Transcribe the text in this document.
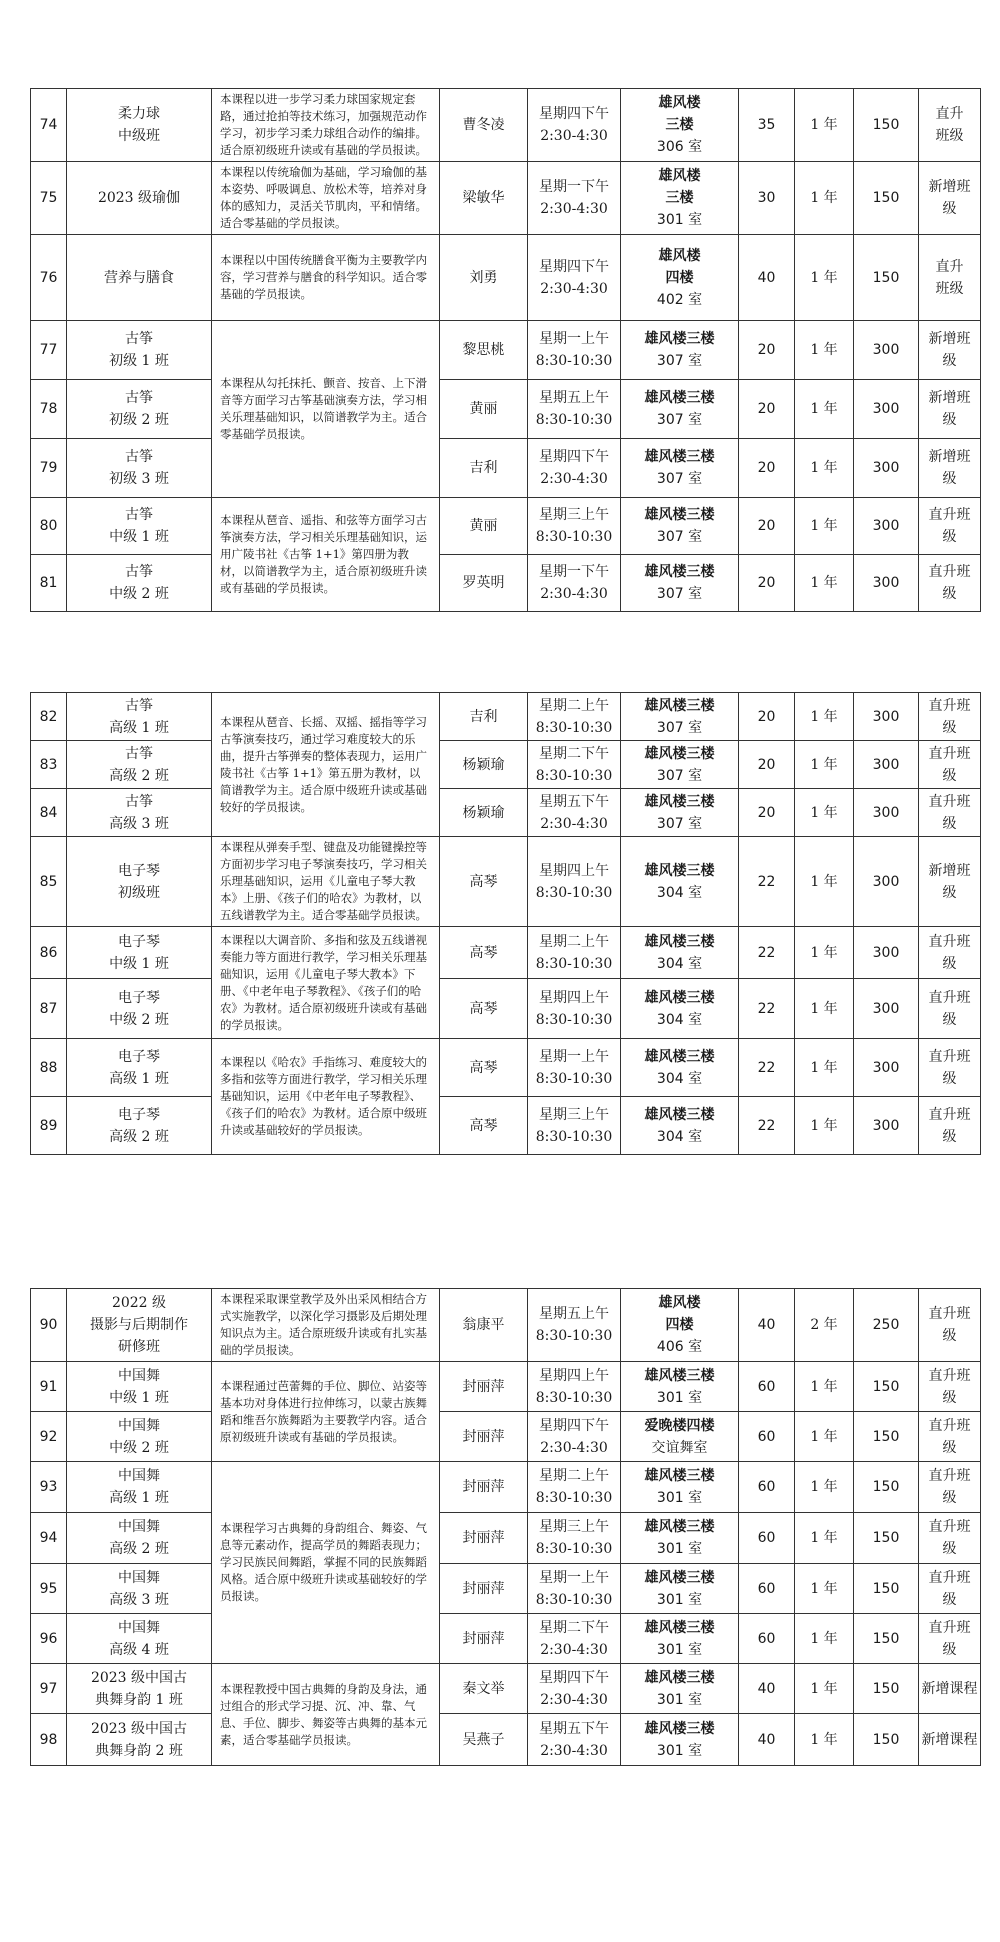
74	柔力球
中级班	本课程以进一步学习柔力球国家规定套路，通过抢拍等技术练习，加强规范动作学习，初步学习柔力球组合动作的编排。适合原初级班升读或有基础的学员报读。	曹冬凌	星期四下午
2:30-4:30	雄风楼
三楼
306 室	35	1 年	150	直升
班级

75	2023 级瑜伽	本课程以传统瑜伽为基础，学习瑜伽的基本姿势、呼吸调息、放松术等，培养对身体的感知力，灵活关节肌肉，平和情绪。适合零基础的学员报读。	梁敏华	星期一下午
2:30-4:30	雄风楼
三楼
301 室	30	1 年	150	新增班
级

76	营养与膳食	本课程以中国传统膳食平衡为主要教学内容，学习营养与膳食的科学知识。适合零基础的学员报读。	刘勇	星期四下午
2:30-4:30	雄风楼
四楼
402 室	40	1 年	150	直升
班级

77	古筝
初级 1 班	本课程从勾托抹托、颤音、按音、上下滑音等方面学习古筝基础演奏方法，学习相关乐理基础知识，以简谱教学为主。适合零基础学员报读。	黎思桃	星期一上午
8:30-10:30	雄风楼三楼
307 室	20	1 年	300	新增班
级

78	古筝
初级 2 班		黄丽	星期五上午
8:30-10:30	雄风楼三楼
307 室	20	1 年	300	新增班
级

79	古筝
初级 3 班		吉利	星期四下午
2:30-4:30	雄风楼三楼
307 室	20	1 年	300	新增班
级

80	古筝
中级 1 班	本课程从琶音、遥指、和弦等方面学习古筝演奏方法，学习相关乐理基础知识，运用广陵书社《古筝 1+1》第四册为教材，以简谱教学为主，适合原初级班升读或有基础的学员报读。	黄丽	星期三上午
8:30-10:30	雄风楼三楼
307 室	20	1 年	300	直升班
级

81	古筝
中级 2 班		罗英明	星期一下午
2:30-4:30	雄风楼三楼
307 室	20	1 年	300	直升班
级
82	古筝
高级 1 班	本课程从琶音、长摇、双摇、摇指等学习古筝演奏技巧，通过学习难度较大的乐曲，提升古筝弹奏的整体表现力，运用广陵书社《古筝 1+1》第五册为教材，以简谱教学为主。适合原中级班升读或基础较好的学员报读。	吉利	星期二上午
8:30-10:30	雄风楼三楼
307 室	20	1 年	300	直升班
级

83	古筝
高级 2 班		杨颖瑜	星期二下午
8:30-10:30	雄风楼三楼
307 室	20	1 年	300	直升班
级

84	古筝
高级 3 班		杨颖瑜	星期五下午
2:30-4:30	雄风楼三楼
307 室	20	1 年	300	直升班
级

85	电子琴
初级班	本课程从弹奏手型、键盘及功能键操控等方面初步学习电子琴演奏技巧，学习相关乐理基础知识，运用《儿童电子琴大教本》上册、《孩子们的哈农》为教材，以五线谱教学为主。适合零基础学员报读。	高琴	星期四上午
8:30-10:30	雄风楼三楼
304 室	22	1 年	300	新增班
级

86	电子琴
中级 1 班	本课程以大调音阶、多指和弦及五线谱视奏能力等方面进行教学，学习相关乐理基础知识，运用《儿童电子琴大教本》下册、《中老年电子琴教程》、《孩子们的哈农》为教材。适合原初级班升读或有基础的学员报读。	高琴	星期二上午
8:30-10:30	雄风楼三楼
304 室	22	1 年	300	直升班
级

87	电子琴
中级 2 班		高琴	星期四上午
8:30-10:30	雄风楼三楼
304 室	22	1 年	300	直升班
级

88	电子琴
高级 1 班	本课程以《哈农》手指练习、难度较大的多指和弦等方面进行教学，学习相关乐理基础知识，运用《中老年电子琴教程》、《孩子们的哈农》为教材。适合原中级班升读或基础较好的学员报读。	高琴	星期一上午
8:30-10:30	雄风楼三楼
304 室	22	1 年	300	直升班
级

89	电子琴
高级 2 班		高琴	星期三上午
8:30-10:30	雄风楼三楼
304 室	22	1 年	300	直升班
级
90	2022 级
摄影与后期制作
研修班	本课程采取课堂教学及外出采风相结合方式实施教学，以深化学习摄影及后期处理知识点为主。适合原班级升读或有扎实基础的学员报读。	翁康平	星期五上午
8:30-10:30	雄风楼
四楼
406 室	40	2 年	250	直升班
级

91	中国舞
中级 1 班	本课程通过芭蕾舞的手位、脚位、站姿等基本功对身体进行拉伸练习，以蒙古族舞蹈和维吾尔族舞蹈为主要教学内容。适合原初级班升读或有基础的学员报读。	封丽萍	星期四上午
8:30-10:30	雄风楼三楼
301 室	60	1 年	150	直升班
级

92	中国舞
中级 2 班		封丽萍	星期四下午
2:30-4:30	爱晚楼四楼
交谊舞室	60	1 年	150	直升班
级

93	中国舞
高级 1 班	本课程学习古典舞的身韵组合、舞姿、气息等元素动作，提高学员的舞蹈表现力；学习民族民间舞蹈，掌握不同的民族舞蹈风格。适合原中级班升读或基础较好的学员报读。	封丽萍	星期二上午
8:30-10:30	雄风楼三楼
301 室	60	1 年	150	直升班
级

94	中国舞
高级 2 班		封丽萍	星期三上午
8:30-10:30	雄风楼三楼
301 室	60	1 年	150	直升班
级

95	中国舞
高级 3 班		封丽萍	星期一上午
8:30-10:30	雄风楼三楼
301 室	60	1 年	150	直升班
级

96	中国舞
高级 4 班		封丽萍	星期二下午
2:30-4:30	雄风楼三楼
301 室	60	1 年	150	直升班
级

97	2023 级中国古
典舞身韵 1 班	本课程教授中国古典舞的身韵及身法，通过组合的形式学习提、沉、冲、靠、气息、手位、脚步、舞姿等古典舞的基本元素，适合零基础学员报读。	秦文举	星期四下午
2:30-4:30	雄风楼三楼
301 室	40	1 年	150	新增课程

98	2023 级中国古
典舞身韵 2 班		吴燕子	星期五下午
2:30-4:30	雄风楼三楼
301 室	40	1 年	150	新增课程
